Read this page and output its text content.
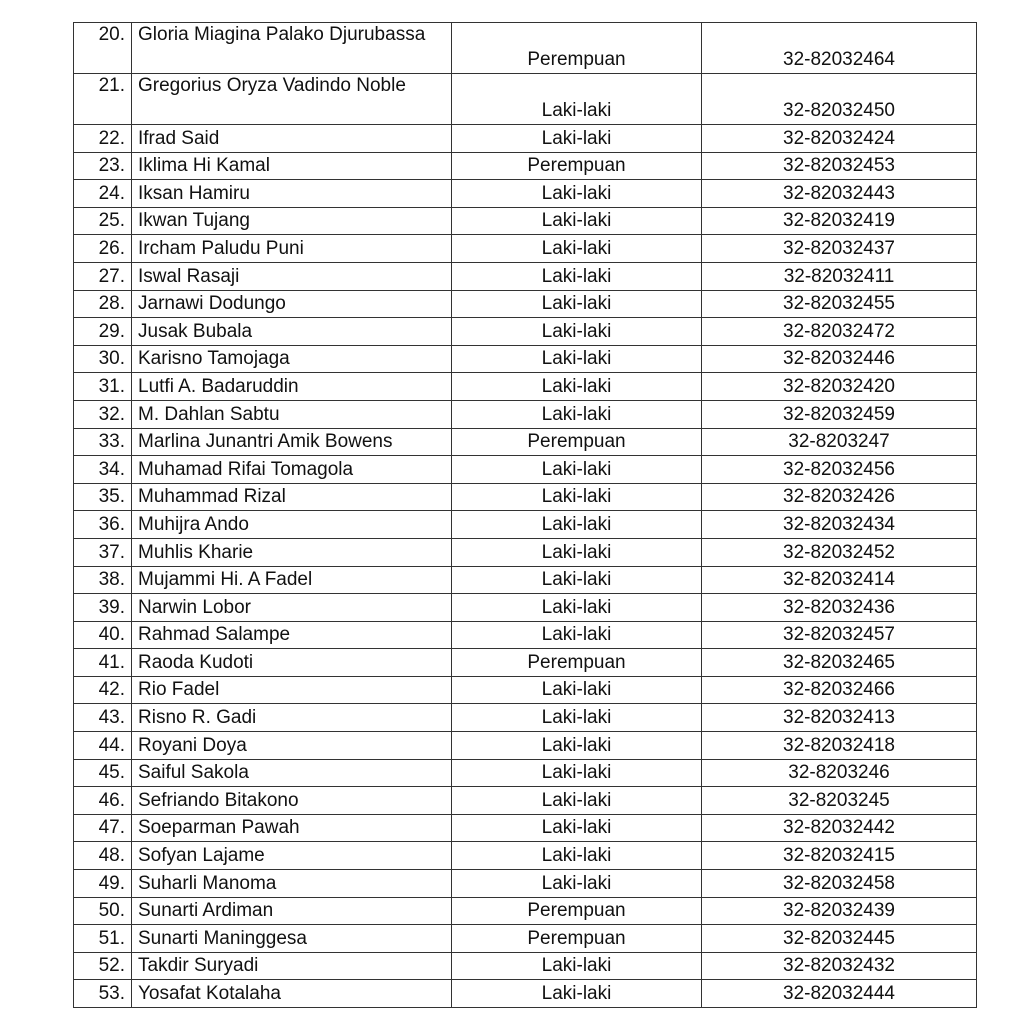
20.	Gloria Miagina Palako Djurubassa	Perempuan	32-82032464
21.	Gregorius Oryza Vadindo Noble	Laki-laki	32-82032450
22.	Ifrad Said	Laki-laki	32-82032424
23.	Iklima Hi Kamal	Perempuan	32-82032453
24.	Iksan Hamiru	Laki-laki	32-82032443
25.	Ikwan Tujang	Laki-laki	32-82032419
26.	Ircham Paludu Puni	Laki-laki	32-82032437
27.	Iswal Rasaji	Laki-laki	32-82032411
28.	Jarnawi Dodungo	Laki-laki	32-82032455
29.	Jusak Bubala	Laki-laki	32-82032472
30.	Karisno Tamojaga	Laki-laki	32-82032446
31.	Lutfi A. Badaruddin	Laki-laki	32-82032420
32.	M. Dahlan Sabtu	Laki-laki	32-82032459
33.	Marlina Junantri Amik Bowens	Perempuan	32-8203247
34.	Muhamad Rifai Tomagola	Laki-laki	32-82032456
35.	Muhammad Rizal	Laki-laki	32-82032426
36.	Muhijra Ando	Laki-laki	32-82032434
37.	Muhlis Kharie	Laki-laki	32-82032452
38.	Mujammi Hi. A Fadel	Laki-laki	32-82032414
39.	Narwin Lobor	Laki-laki	32-82032436
40.	Rahmad Salampe	Laki-laki	32-82032457
41.	Raoda Kudoti	Perempuan	32-82032465
42.	Rio Fadel	Laki-laki	32-82032466
43.	Risno R. Gadi	Laki-laki	32-82032413
44.	Royani Doya	Laki-laki	32-82032418
45.	Saiful Sakola	Laki-laki	32-8203246
46.	Sefriando Bitakono	Laki-laki	32-8203245
47.	Soeparman Pawah	Laki-laki	32-82032442
48.	Sofyan Lajame	Laki-laki	32-82032415
49.	Suharli Manoma	Laki-laki	32-82032458
50.	Sunarti Ardiman	Perempuan	32-82032439
51.	Sunarti Maninggesa	Perempuan	32-82032445
52.	Takdir Suryadi	Laki-laki	32-82032432
53.	Yosafat Kotalaha	Laki-laki	32-82032444
